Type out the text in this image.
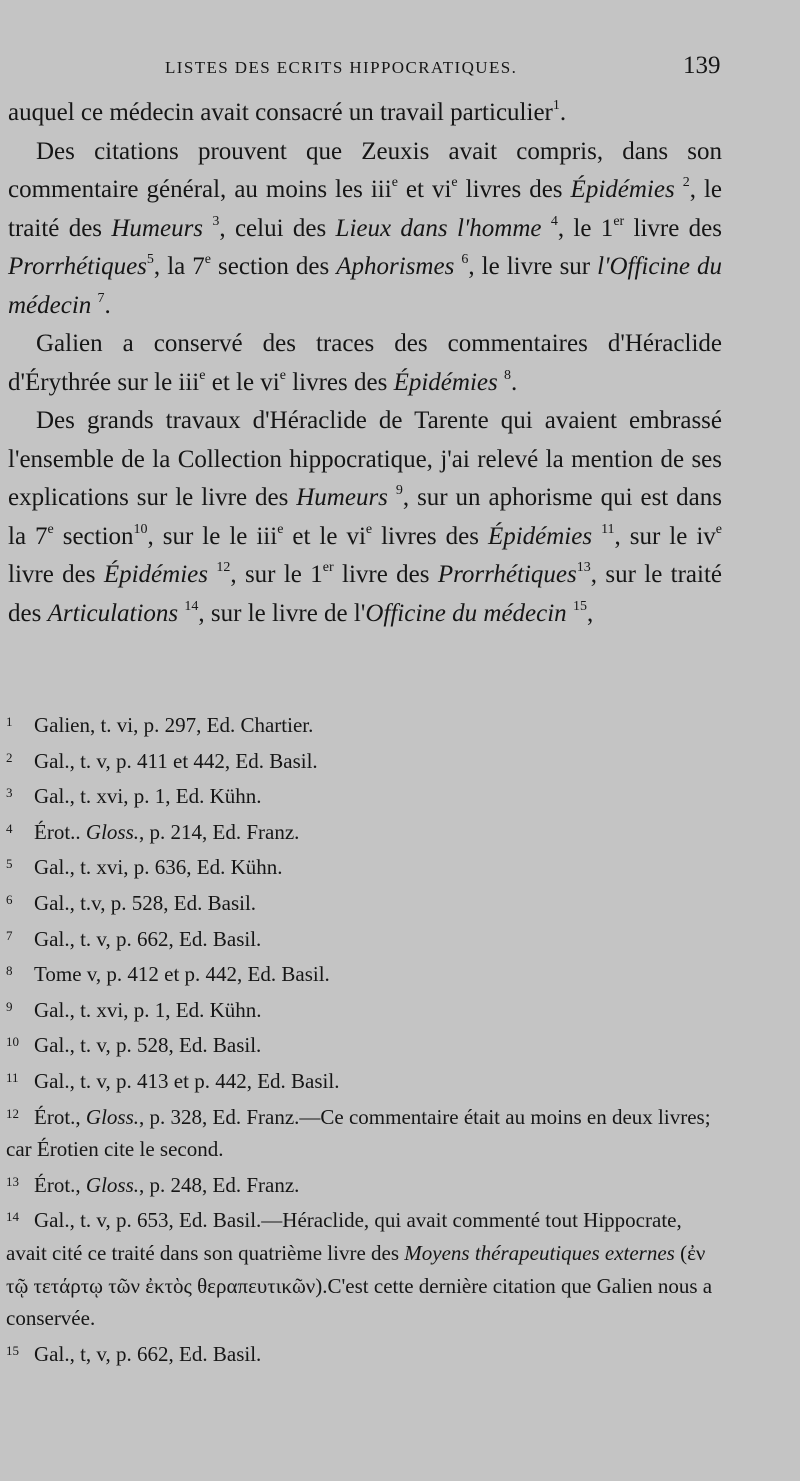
LISTES DES ECRITS HIPPOCRATIQUES.	139

auquel ce médecin avait consacré un travail particulier$^1$.

Des citations prouvent que Zeuxis avait compris, dans son commentaire général, au moins les iii$^e$ et $vi^e$ livres des Épidémies $^2$, le traité des Humeurs $^3$, celui des Lieux dans l'homme $^4$, le 1er livre des Prorrhétiques$^5$, la 7e section des Aphorismes $^6$, le livre sur l'Officine du médecin $^7$.

Galien a conservé des traces des commentaires d'Héraclide d'Érythrée sur le iii$^e$ et le $vi^e$ livres des Épidémies $^8$.

Des grands travaux d'Héraclide de Tarente qui avaient embrassé l'ensemble de la Collection hippocratique, j'ai relevé la mention de ses explications sur le livre des Humeurs $^9$, sur un aphorisme qui est dans la 7e section$^{10}$, sur le le iii$^e$ et le $vi^e$ livres des Épidémies $^{11}$, sur le $iv^e$ livre des Épidémies $^{12}$, sur le 1er livre des Prorrhétiques$^{13}$, sur le traité des Articulations $^{14}$, sur le livre de l'Officine du médecin $^{15}$,

1 Galien, t. vi, p. 297, Ed. Chartier.

2 Gal., t. v, p. 411 et 442, Ed. Basil.

3 Gal., t. xvi, p. 1, Ed. Kühn.

4 Érot.. Gloss., p. 214, Ed. Franz.

5 Gal., t. xvi, p. 636, Ed. Kühn.

6 Gal., t.v, p. 528, Ed. Basil.

7 Gal., t. v, p. 662, Ed. Basil.

8 Tome v, p. 412 et p. 442, Ed. Basil.

9 Gal., t. xvi, p. 1, Ed. Kühn.

10 Gal., t. v, p. 528, Ed. Basil.

11 Gal., t. v, p. 413 et p. 442, Ed. Basil.

12 Érot., Gloss., p. 328, Ed. Franz.—Ce commentaire était au moins en deux livres; car Érotien cite le second.

13 Érot., Gloss., p. 248, Ed. Franz.

14 Gal., t. v, p. 653, Ed. Basil.—Héraclide, qui avait commenté tout Hippocrate, avait cité ce traité dans son quatrième livre des Moyens thérapeutiques externes (ἐν τῷ τετάρτῳ τῶν ἐκτὸς θεραπευτικῶν).C'est cette dernière citation que Galien nous a conservée.

15 Gal., t, v, p. 662, Ed. Basil.
